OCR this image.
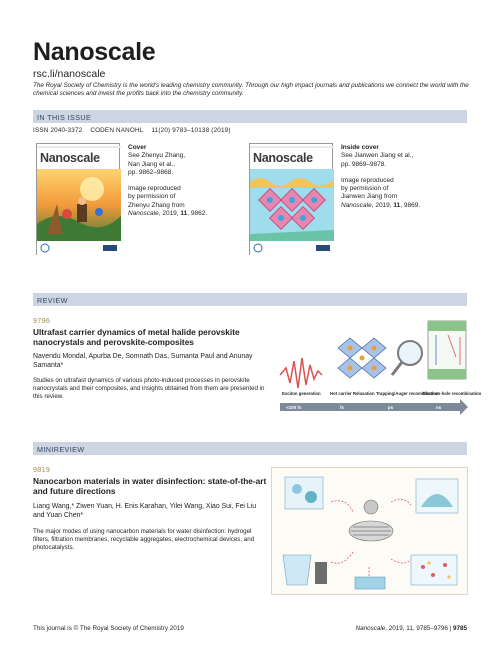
Nanoscale
rsc.li/nanoscale
The Royal Society of Chemistry is the world's leading chemistry community. Through our high impact journals and publications we connect the world with the chemical sciences and invest the profits back into the chemistry community.
IN THIS ISSUE
ISSN 2040-3372 CODEN NANOHL 11(20) 9783–10138 (2019)
Nanoscale
Cover
See Zhenyu Zhang,
Nan Jiang et al.,
pp. 9862–9868.
Image reproduced
by permission of
Zhenyu Zhang from
Nanoscale, 2019, 11, 9862.
Nanoscale
Inside cover
See Jianwen Jiang et al.,
pp. 9869–9878.
Image reproduced
by permission of
Jianwen Jiang from
Nanoscale, 2019, 11, 9869.
REVIEW
9796
Ultrafast carrier dynamics of metal halide perovskite nanocrystals and perovskite-composites
Navendu Mondal, Apurba De, Somnath Das, Sumanta Paul and Anunay Samanta*
Studies on ultrafast dynamics of various photo-induced processes in perovskite nanocrystals and their composites, and insights obtained from them are presented in this review.	Exciton generation Hot carrier Relaxation Trapping/Auger recombination
Electron-hole recombination
<100 fs	fs	ps	ns
MINIREVIEW
9819
Nanocarbon materials in water disinfection: state-of-the-art and future directions
Liang Wang,* Ziwen Yuan, H. Enis Karahan, Yilei Wang, Xiao Sui, Fei Liu and Yuan Chen*
The major modes of using nanocarbon materials for water disinfection: hydrogel filters, filtration membranes, recyclable aggregates, electrochemical devices, and photocatalysts.
This journal is © The Royal Society of Chemistry 2019	Nanoscale, 2019, 11, 9785–9796 | 9785
